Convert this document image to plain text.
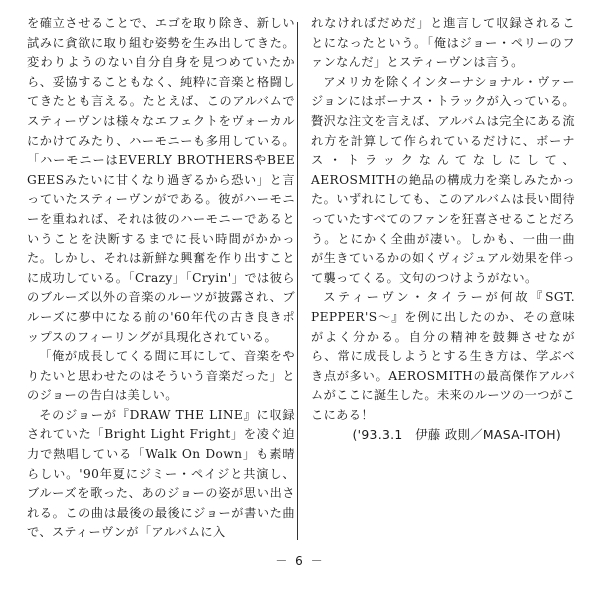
を確立させることで、エゴを取り除き、新しい試みに貪欲に取り組む姿勢を生み出してきた。変わりようのない自分自身を見つめていたから、妥協することもなく、純粋に音楽と格闘してきたとも言える。たとえば、このアルバムでスティーヴンは様々なエフェクトをヴォーカルにかけてみたり、ハーモニーも多用している。「ハーモニーはEVERLY BROTHERSやBEE GEESみたいに甘くなり過ぎるから恐い」と言っていたスティーヴンがである。彼がハーモニーを重ねれば、それは彼のハーモニーであるということを決断するまでに長い時間がかかった。しかし、それは新鮮な興奮を作り出すことに成功している。「Crazy」「Cryin'」では彼らのブルーズ以外の音楽のルーツが披露され、ブルーズに夢中になる前の'60年代の古き良きポップスのフィーリングが具現化されている。

「俺が成長してくる間に耳にして、音楽をやりたいと思わせたのはそういう音楽だった」とのジョーの告白は美しい。

そのジョーが『DRAW THE LINE』に収録されていた「Bright Light Fright」を凌ぐ迫力で熱唱している「Walk On Down」も素晴らしい。'90年夏にジミー・ペイジと共演し、ブルーズを歌った、あのジョーの姿が思い出される。この曲は最後の最後にジョーが書いた曲で、スティーヴンが「アルバムに入

れなければだめだ」と進言して収録されることになったという。「俺はジョー・ペリーのファンなんだ」とスティーヴンは言う。

アメリカを除くインターナショナル・ヴァージョンにはボーナス・トラックが入っている。贅沢な注文を言えば、アルバムは完全にある流れ方を計算して作られているだけに、ボーナス・トラックなんてなしにして、AEROSMITHの絶品の構成力を楽しみたかった。いずれにしても、このアルバムは長い間待っていたすべてのファンを狂喜させることだろう。とにかく全曲が凄い。しかも、一曲一曲が生きているかの如くヴィジュアル効果を伴って襲ってくる。文句のつけようがない。

スティーヴン・タイラーが何故『SGT. PEPPER'S～』を例に出したのか、その意味がよく分かる。自分の精神を鼓舞させながら、常に成長しようとする生き方は、学ぶべき点が多い。AEROSMITHの最高傑作アルバムがここに誕生した。未来のルーツの一つがここにある！

('93.3.1　伊藤 政則／MASA-ITOH)

－ 6 －
